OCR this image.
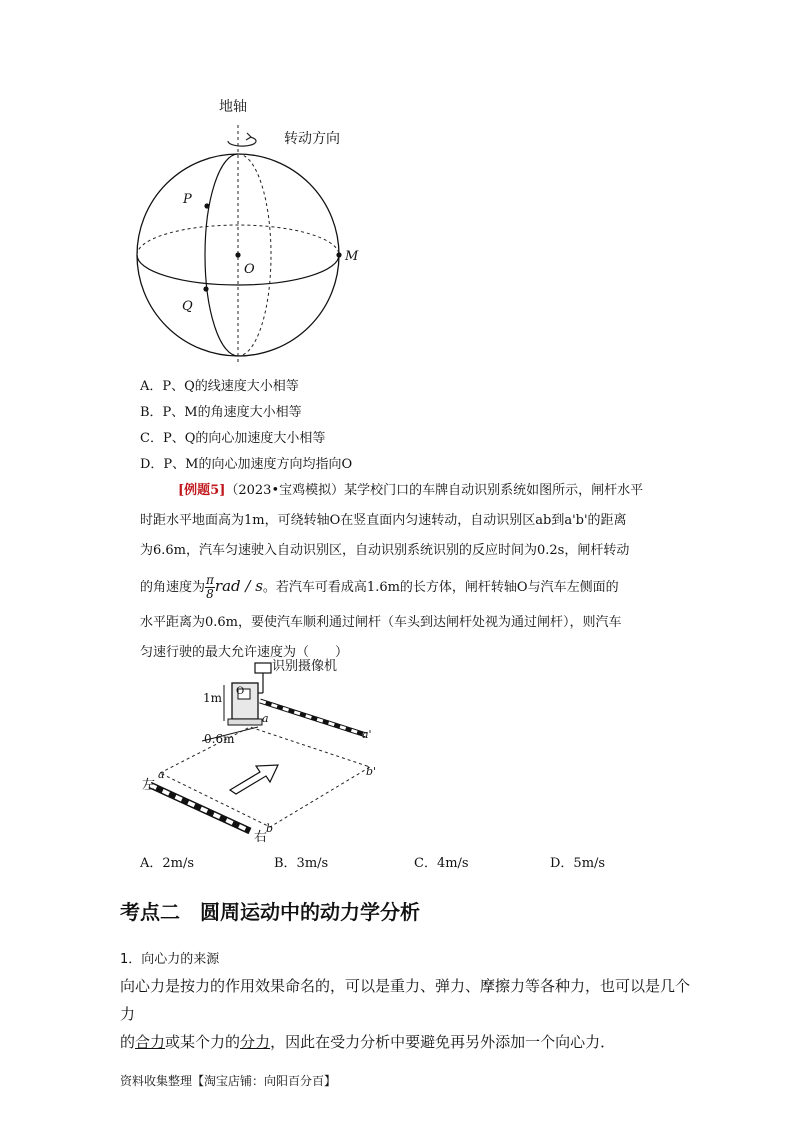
地轴
转动方向
P
Q
O
M
A．P、Q的线速度大小相等
B．P、M的角速度大小相等
C．P、Q的向心加速度大小相等
D．P、M的向心加速度方向均指向O
[例题5]（2023•宝鸡模拟）某学校门口的车牌自动识别系统如图所示，闸杆水平
时距水平地面高为1m，可绕转轴O在竖直面内匀速转动，自动识别区ab到a'b'的距离
为6.6m，汽车匀速驶入自动识别区，自动识别系统识别的反应时间为0.2s，闸杆转动
的角速度为 $\frac{\pi}{8}$ rad / s。若汽车可看成高1.6m的长方体，闸杆转轴O与汽车左侧面的
水平距离为0.6m，要使汽车顺利通过闸杆（车头到达闸杆处视为通过闸杆），则汽车
匀速行驶的最大允许速度为（　　）
识别摄像机
1m
0.6m
O
a
a
a'
b'
b
左
右
A．2m/s	B．3m/s	C．4m/s	D．5m/s
考点二　圆周运动中的动力学分析
1．向心力的来源
向心力是按力的作用效果命名的，可以是重力、弹力、摩擦力等各种力，也可以是几个力
的合力或某个力的分力，因此在受力分析中要避免再另外添加一个向心力．
资料收集整理【淘宝店铺：向阳百分百】
